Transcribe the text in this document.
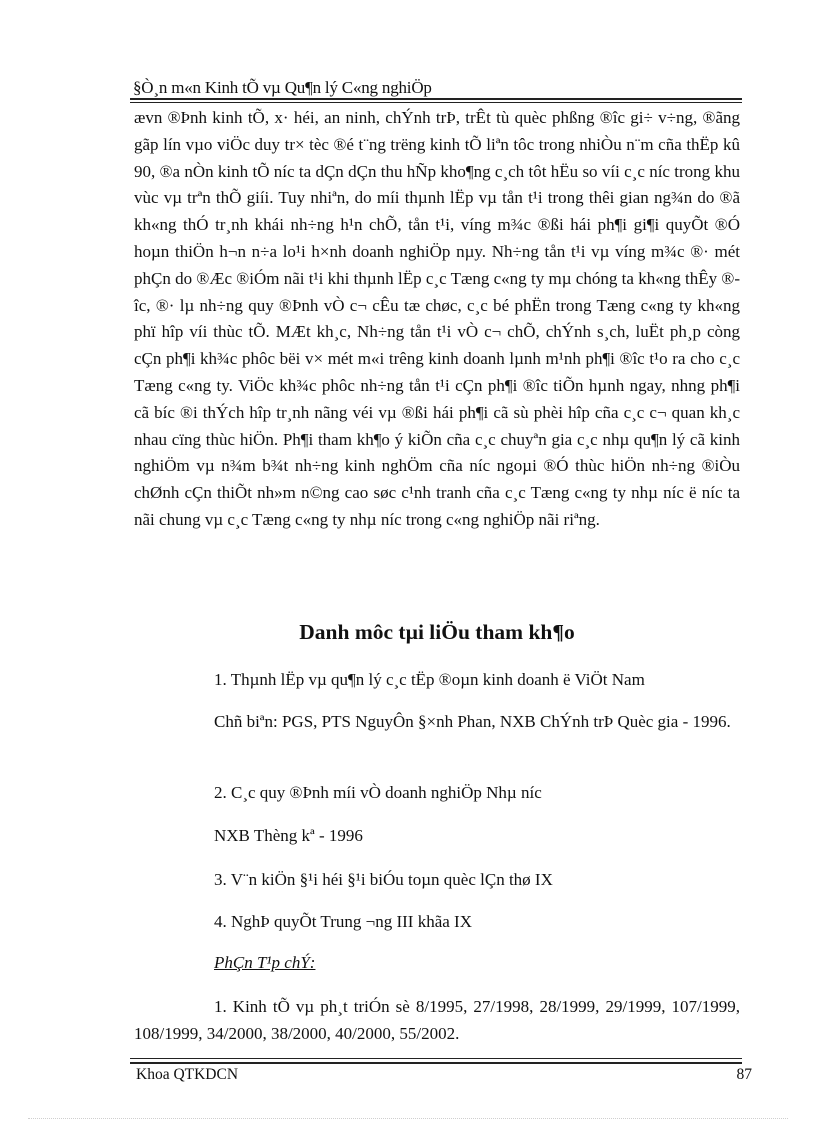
§Ò¸n m«n Kinh tÕ vµ Qu¶n lý C«ng nghiÖp

ævn ®Þnh kinh tÕ, x· héi, an ninh, chÝnh trÞ, trÊt tù quèc phßng ®îc gi÷ v÷ng, ®ãng gãp lín vµo viÖc duy tr× tèc ®é t¨ng trëng kinh tÕ liªn tôc trong nhiÒu n¨m cña thËp kû 90, ®a nÒn kinh tÕ níc ta dÇn dÇn thu hÑp kho¶ng c¸ch tôt hËu so víi c¸c níc trong khu vùc vµ trªn thÕ giíi. Tuy nhiªn, do míi thµnh lËp vµ tån t¹i trong thêi gian ng¾n do ®ã kh«ng thÓ tr¸nh khái nh÷ng h¹n chÕ, tån t¹i, víng m¾c ®ßi hái ph¶i gi¶i quyÕt ®Ó hoµn thiÖn h¬n n÷a lo¹i h×nh doanh nghiÖp nµy. Nh÷ng tån t¹i vµ víng m¾c ®· mét phÇn do ®Æc ®iÓm nãi t¹i khi thµnh lËp c¸c Tæng c«ng ty mµ chóng ta kh«ng thÊy ®îc, ®· lµ nh÷ng quy ®Þnh vÒ c¬ cÊu tæ chøc, c¸c bé phËn trong Tæng c«ng ty kh«ng phï hîp víi thùc tÕ. MÆt kh¸c, Nh÷ng tån t¹i vÒ c¬ chÕ, chÝnh s¸ch, luËt ph¸p còng cÇn ph¶i kh¾c phôc bëi v× mét m«i trêng kinh doanh lµnh m¹nh ph¶i ®îc t¹o ra cho c¸c Tæng c«ng ty. ViÖc kh¾c phôc nh÷ng tån t¹i cÇn ph¶i ®îc tiÕn hµnh ngay, nhng ph¶i cã bíc ®i thÝch hîp tr¸nh nãng véi vµ ®ßi hái ph¶i cã sù phèi hîp cña c¸c c¬ quan kh¸c nhau cïng thùc hiÖn. Ph¶i tham kh¶o ý kiÕn cña c¸c chuyªn gia c¸c nhµ qu¶n lý cã kinh nghiÖm vµ n¾m b¾t nh÷ng kinh nghÖm cña níc ngoµi ®Ó thùc hiÖn nh÷ng ®iÒu chØnh cÇn thiÕt nh»m n©ng cao søc c¹nh tranh cña c¸c Tæng c«ng ty nhµ níc ë níc ta nãi chung vµ c¸c Tæng c«ng ty nhµ níc trong c«ng nghiÖp nãi riªng.

Danh môc tµi liÖu tham kh¶o

1. Thµnh lËp vµ qu¶n lý c¸c tËp ®oµn kinh doanh ë ViÖt Nam

Chñ biªn: PGS, PTS NguyÔn §×nh Phan, NXB ChÝnh trÞ Quèc gia - 1996.

2. C¸c quy ®Þnh míi vÒ doanh nghiÖp Nhµ níc

NXB Thèng kª - 1996

3. V¨n kiÖn §¹i héi §¹i biÓu toµn quèc lÇn thø IX

4. NghÞ quyÕt Trung ¬ng III khãa IX

PhÇn T¹p chÝ:

1. Kinh tÕ vµ ph¸t triÓn sè 8/1995, 27/1998, 28/1999, 29/1999, 107/1999, 108/1999, 34/2000, 38/2000, 40/2000, 55/2002.

Khoa QTKDCN	87
